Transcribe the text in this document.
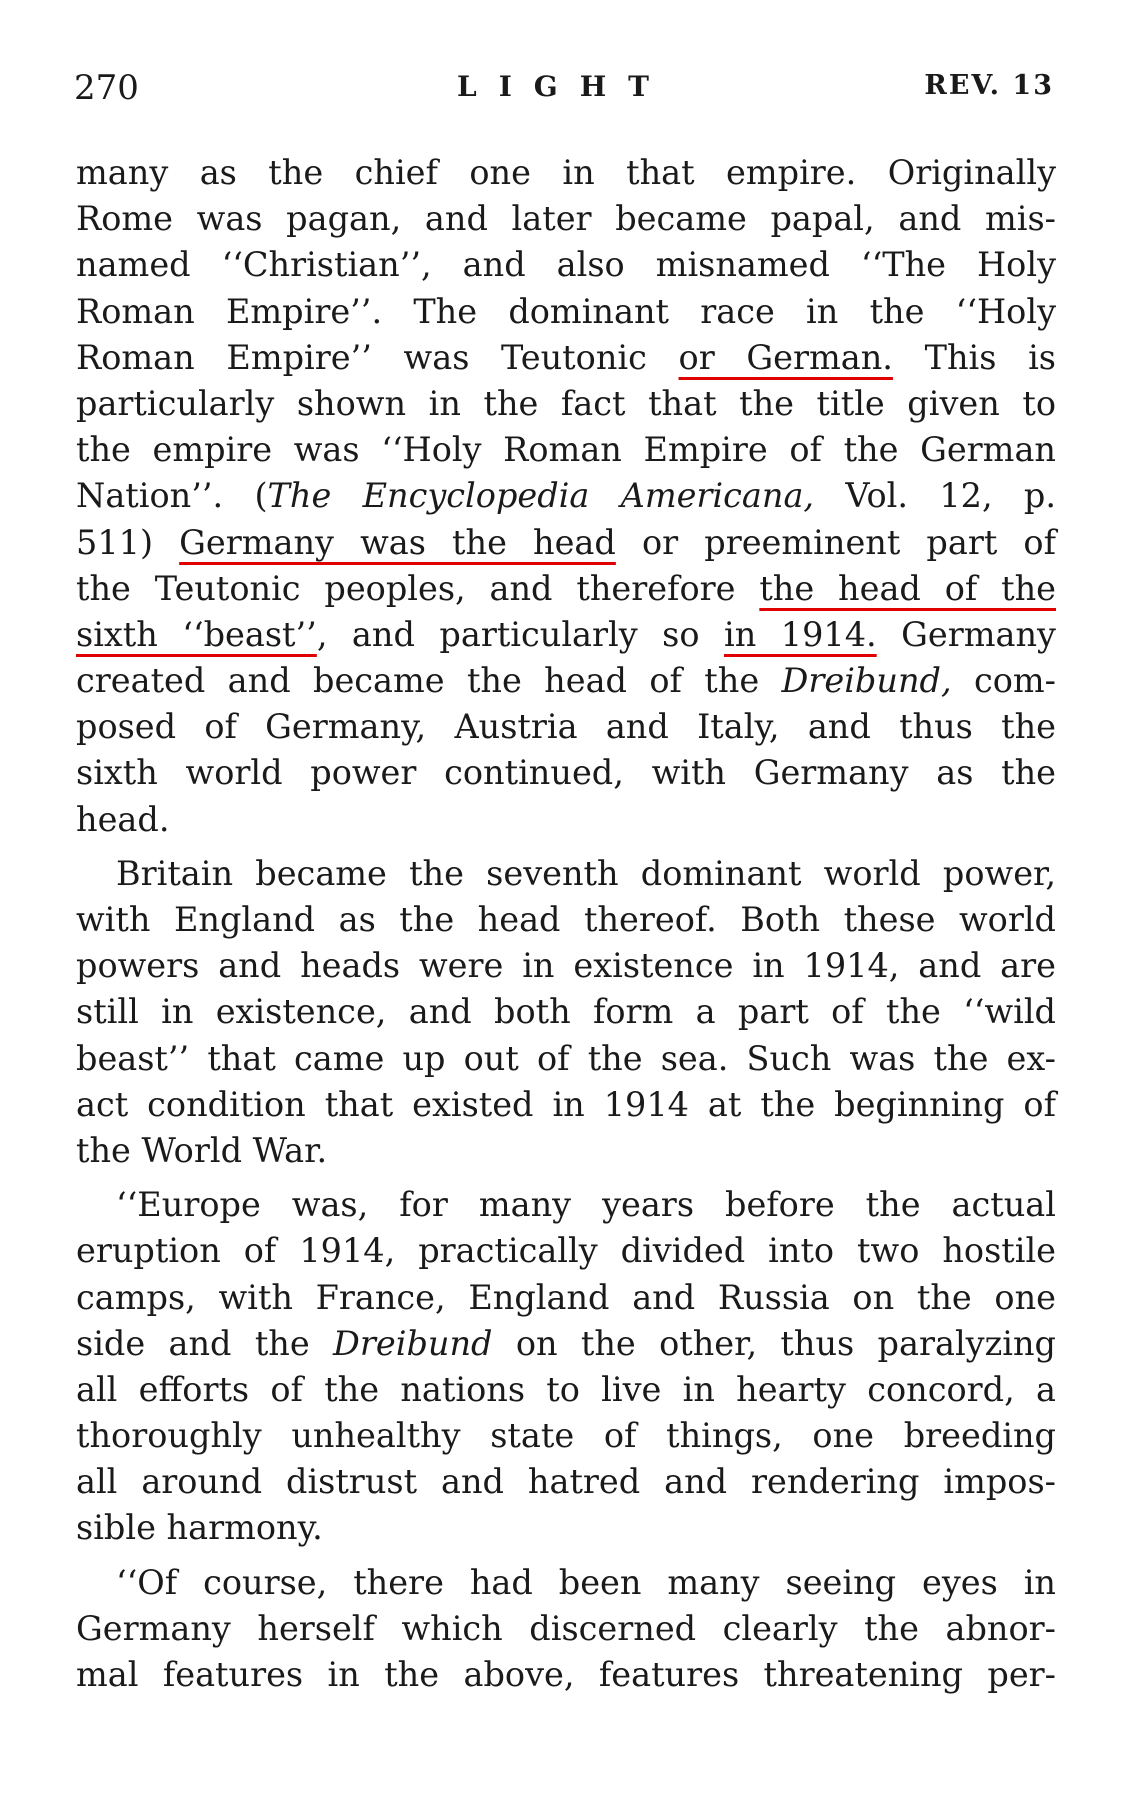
270	LIGHT	REV. 13
many as the chief one in that empire. Originally
Rome was pagan, and later became papal, and mis-
named ‘‘Christian’’, and also misnamed ‘‘The Holy
Roman Empire’’. The dominant race in the ‘‘Holy
Roman Empire’’ was Teutonic or German. This is
particularly shown in the fact that the title given to
the empire was ‘‘Holy Roman Empire of the German
Nation’’. (The Encyclopedia Americana, Vol. 12, p.
511) Germany was the head or preeminent part of
the Teutonic peoples, and therefore the head of the
sixth ‘‘beast’’, and particularly so in 1914. Germany
created and became the head of the Dreibund, com-
posed of Germany, Austria and Italy, and thus the
sixth world power continued, with Germany as the
head.
Britain became the seventh dominant world power,
with England as the head thereof. Both these world
powers and heads were in existence in 1914, and are
still in existence, and both form a part of the ‘‘wild
beast’’ that came up out of the sea. Such was the ex-
act condition that existed in 1914 at the beginning of
the World War.
‘‘Europe was, for many years before the actual
eruption of 1914, practically divided into two hostile
camps, with France, England and Russia on the one
side and the Dreibund on the other, thus paralyzing
all efforts of the nations to live in hearty concord, a
thoroughly unhealthy state of things, one breeding
all around distrust and hatred and rendering impos-
sible harmony.
‘‘Of course, there had been many seeing eyes in
Germany herself which discerned clearly the abnor-
mal features in the above, features threatening per-
